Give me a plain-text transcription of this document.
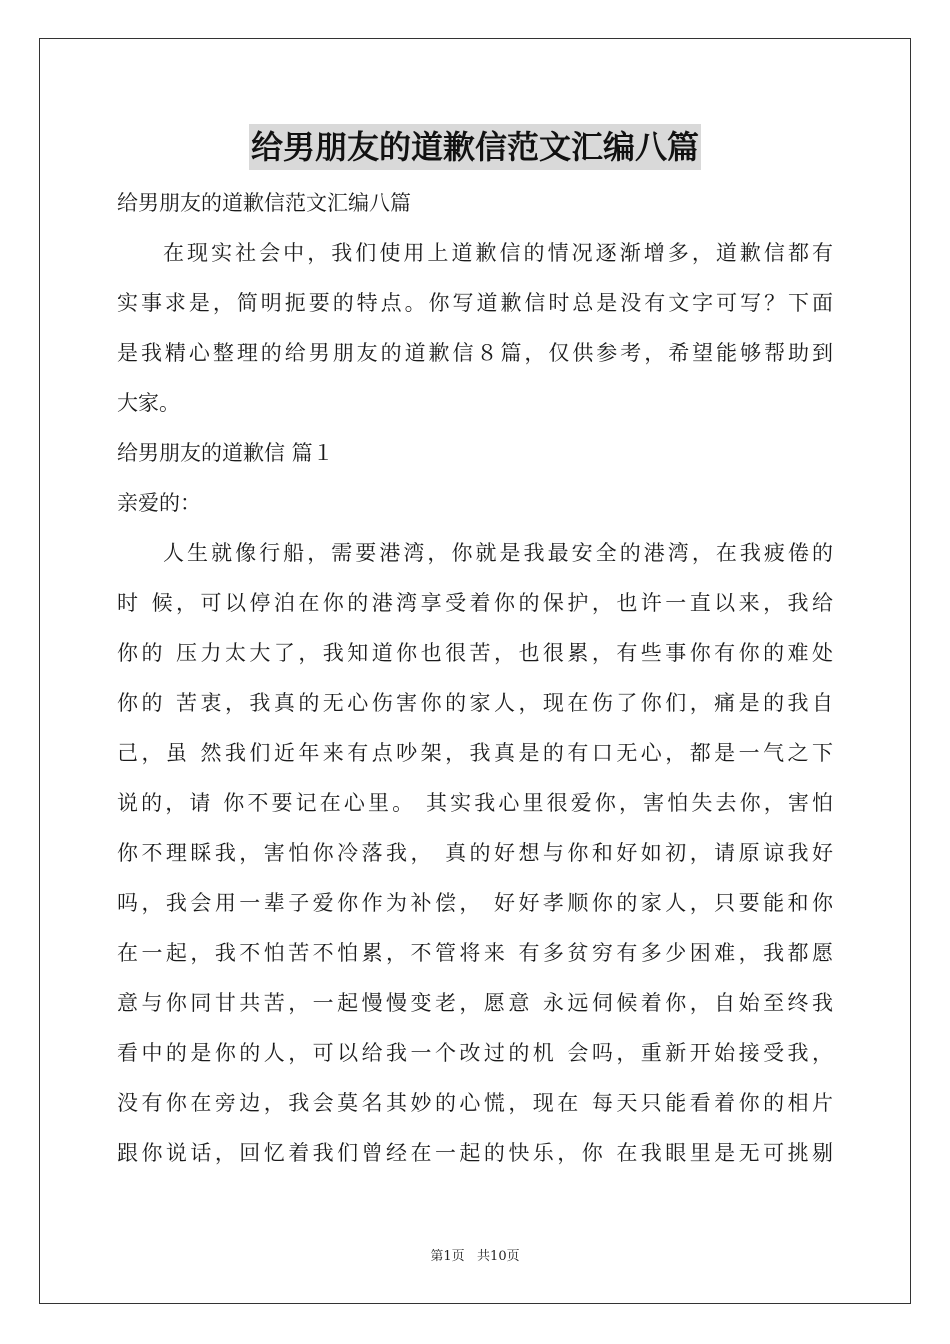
给男朋友的道歉信范文汇编八篇
给男朋友的道歉信范文汇编八篇
在现实社会中，我们使用上道歉信的情况逐渐增多，道歉信都有
实事求是，简明扼要的特点。你写道歉信时总是没有文字可写？下面
是我精心整理的给男朋友的道歉信８篇，仅供参考，希望能够帮助到
大家。
给男朋友的道歉信 篇１
亲爱的：
人生就像行船，需要港湾，你就是我最安全的港湾，在我疲倦的
时 候，可以停泊在你的港湾享受着你的保护，也许一直以来，我给
你的 压力太大了，我知道你也很苦，也很累，有些事你有你的难处
你的 苦衷，我真的无心伤害你的家人，现在伤了你们，痛是的我自
己，虽 然我们近年来有点吵架，我真是的有口无心，都是一气之下
说的，请 你不要记在心里。 其实我心里很爱你，害怕失去你，害怕
你不理睬我，害怕你冷落我， 真的好想与你和好如初，请原谅我好
吗，我会用一辈子爱你作为补偿， 好好孝顺你的家人，只要能和你
在一起，我不怕苦不怕累，不管将来 有多贫穷有多少困难，我都愿
意与你同甘共苦，一起慢慢变老，愿意 永远伺候着你，自始至终我
看中的是你的人，可以给我一个改过的机 会吗，重新开始接受我，
没有你在旁边，我会莫名其妙的心慌，现在 每天只能看着你的相片
跟你说话，回忆着我们曾经在一起的快乐，你 在我眼里是无可挑剔
第1页   共10页
